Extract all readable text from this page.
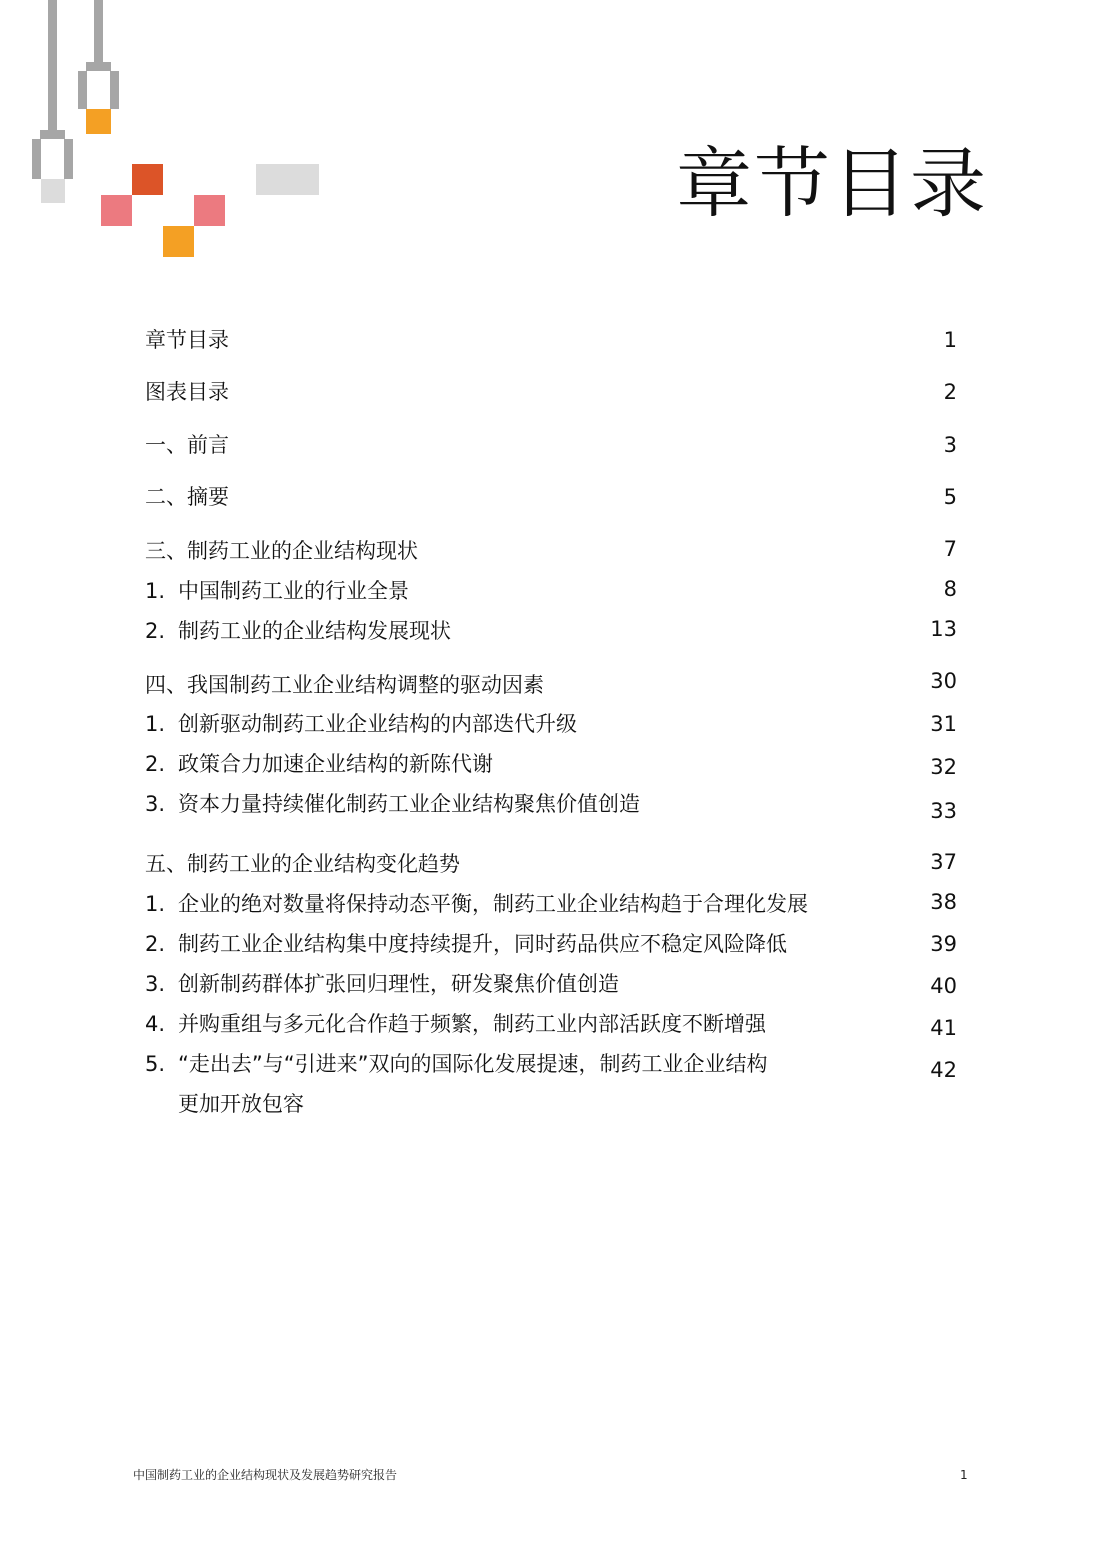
章节目录
章节目录	1
图表目录	2
一、前言	3
二、摘要	5
三、制药工业的企业结构现状	7
1. 中国制药工业的行业全景	8
2. 制药工业的企业结构发展现状	13
四、我国制药工业企业结构调整的驱动因素	30
1. 创新驱动制药工业企业结构的内部迭代升级	31
2. 政策合力加速企业结构的新陈代谢	32
3. 资本力量持续催化制药工业企业结构聚焦价值创造	33
五、制药工业的企业结构变化趋势	37
1. 企业的绝对数量将保持动态平衡，制药工业企业结构趋于合理化发展	38
2. 制药工业企业结构集中度持续提升，同时药品供应不稳定风险降低	39
3. 创新制药群体扩张回归理性，研发聚焦价值创造	40
4. 并购重组与多元化合作趋于频繁，制药工业内部活跃度不断增强	41
5. “走出去”与“引进来”双向的国际化发展提速，制药工业企业结构	42
更加开放包容
中国制药工业的企业结构现状及发展趋势研究报告	1
